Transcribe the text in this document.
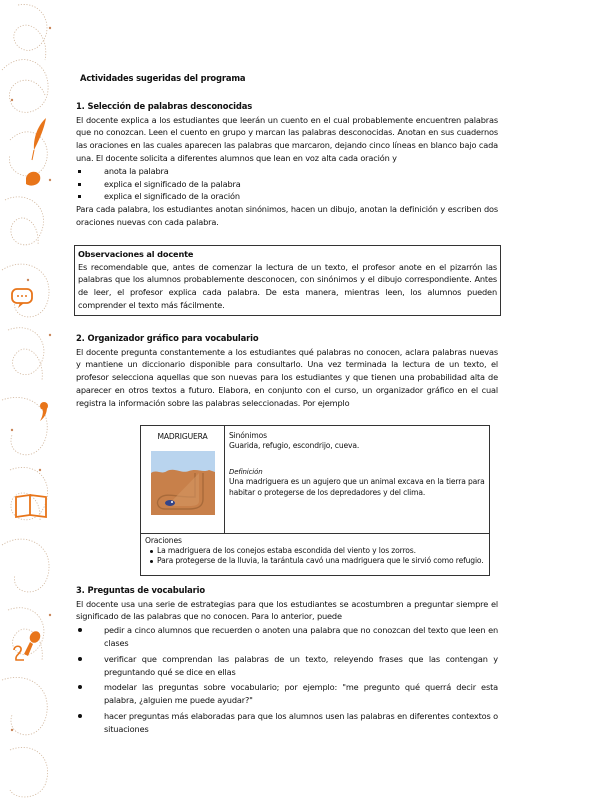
Actividades sugeridas del programa
1. Selección de palabras desconocidas

El docente explica a los estudiantes que leerán un cuento en el cual probablemente encuentren palabras que no conozcan. Leen el cuento en grupo y marcan las palabras desconocidas. Anotan en sus cuadernos las oraciones en las cuales aparecen las palabras que marcaron, dejando cinco líneas en blanco bajo cada una. El docente solicita a diferentes alumnos que lean en voz alta cada oración y

anota la palabra
explica el significado de la palabra
explica el significado de la oración

Para cada palabra, los estudiantes anotan sinónimos, hacen un dibujo, anotan la definición y escriben dos oraciones nuevas con cada palabra.

Observaciones al docente

Es recomendable que, antes de comenzar la lectura de un texto, el profesor anote en el pizarrón las palabras que los alumnos probablemente desconocen, con sinónimos y el dibujo correspondiente. Antes de leer, el profesor explica cada palabra. De esta manera, mientras leen, los alumnos pueden comprender el texto más fácilmente.

2. Organizador gráfico para vocabulario

El docente pregunta constantemente a los estudiantes qué palabras no conocen, aclara palabras nuevas y mantiene un diccionario disponible para consultarlo. Una vez terminada la lectura de un texto, el profesor selecciona aquellas que son nuevas para los estudiantes y que tienen una probabilidad alta de aparecer en otros textos a futuro. Elabora, en conjunto con el curso, un organizador gráfico en el cual registra la información sobre las palabras seleccionadas. Por ejemplo

MADRIGUERA	Sinónimos
Guarida, refugio, escondrijo, cueva.
Definición
Una madriguera es un agujero que un animal excava en la tierra para habitar o protegerse de los depredadores y del clima.
Oraciones
La madriguera de los conejos estaba escondida del viento y los zorros.
Para protegerse de la lluvia, la tarántula cavó una madriguera que le sirvió como refugio.
3. Preguntas de vocabulario

El docente usa una serie de estrategias para que los estudiantes se acostumbren a preguntar siempre el significado de las palabras que no conocen. Para lo anterior, puede

pedir a cinco alumnos que recuerden o anoten una palabra que no conozcan del texto que leen en clases
verificar que comprendan las palabras de un texto, releyendo frases que las contengan y preguntando qué se dice en ellas
modelar las preguntas sobre vocabulario; por ejemplo: "me pregunto qué querrá decir esta palabra, ¿alguien me puede ayudar?"
hacer preguntas más elaboradas para que los alumnos usen las palabras en diferentes contextos o situaciones
